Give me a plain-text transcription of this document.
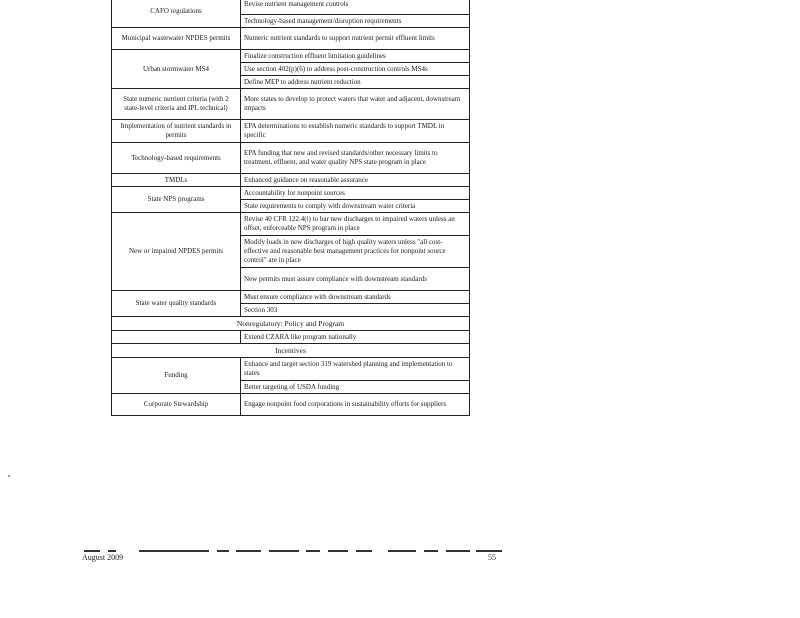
CAFO regulations	Revise nutrient management controls
	Technology-based management/disruption requirements
Municipal wastewater NPDES permits	Numeric nutrient standards to support nutrient permit effluent limits
Urban stormwater MS4	Finalize construction effluent limitation guidelines
	Use section 402(p)(6) to address post-construction controls MS4s
	Define MEP to address nutrient reduction
State numeric nutrient criteria (with 2 state-level criteria and IPL technical)	More states to develop to protect waters that water and adjacent, downstream impacts
Implementation of nutrient standards in permits	EPA determinations to establish numeric standards to support TMDL in specific
Technology-based requirements	EPA funding that new and revised standards/other necessary limits to treatment, effluent, and water quality NPS state program in place
TMDLs	Enhanced guidance on reasonable assurance
State NPS programs	Accountability for nonpoint sources
	State requirements to comply with downstream water criteria
New or impaired NPDES permits	Revise 40 CFR 122.4(i) to bar new discharges to impaired waters unless an offset, enforceable NPS program in place
	Modify loads in new discharges of high quality waters unless "all cost-effective and reasonable best management practices for nonpoint source control" are in place
	New permits must assure compliance with downstream standards
State water quality standards	Must ensure compliance with downstream standards
	Section 303
Nonregulatory: Policy and Program	
	Extend CZARA like program nationally
Incentives	
Funding	Enhance and target section 319 watershed planning and implementation to states
	Better targeting of USDA funding
Corporate Stewardship	Engage nonpoint food corporations in sustainability efforts for suppliers
August 2009	55
